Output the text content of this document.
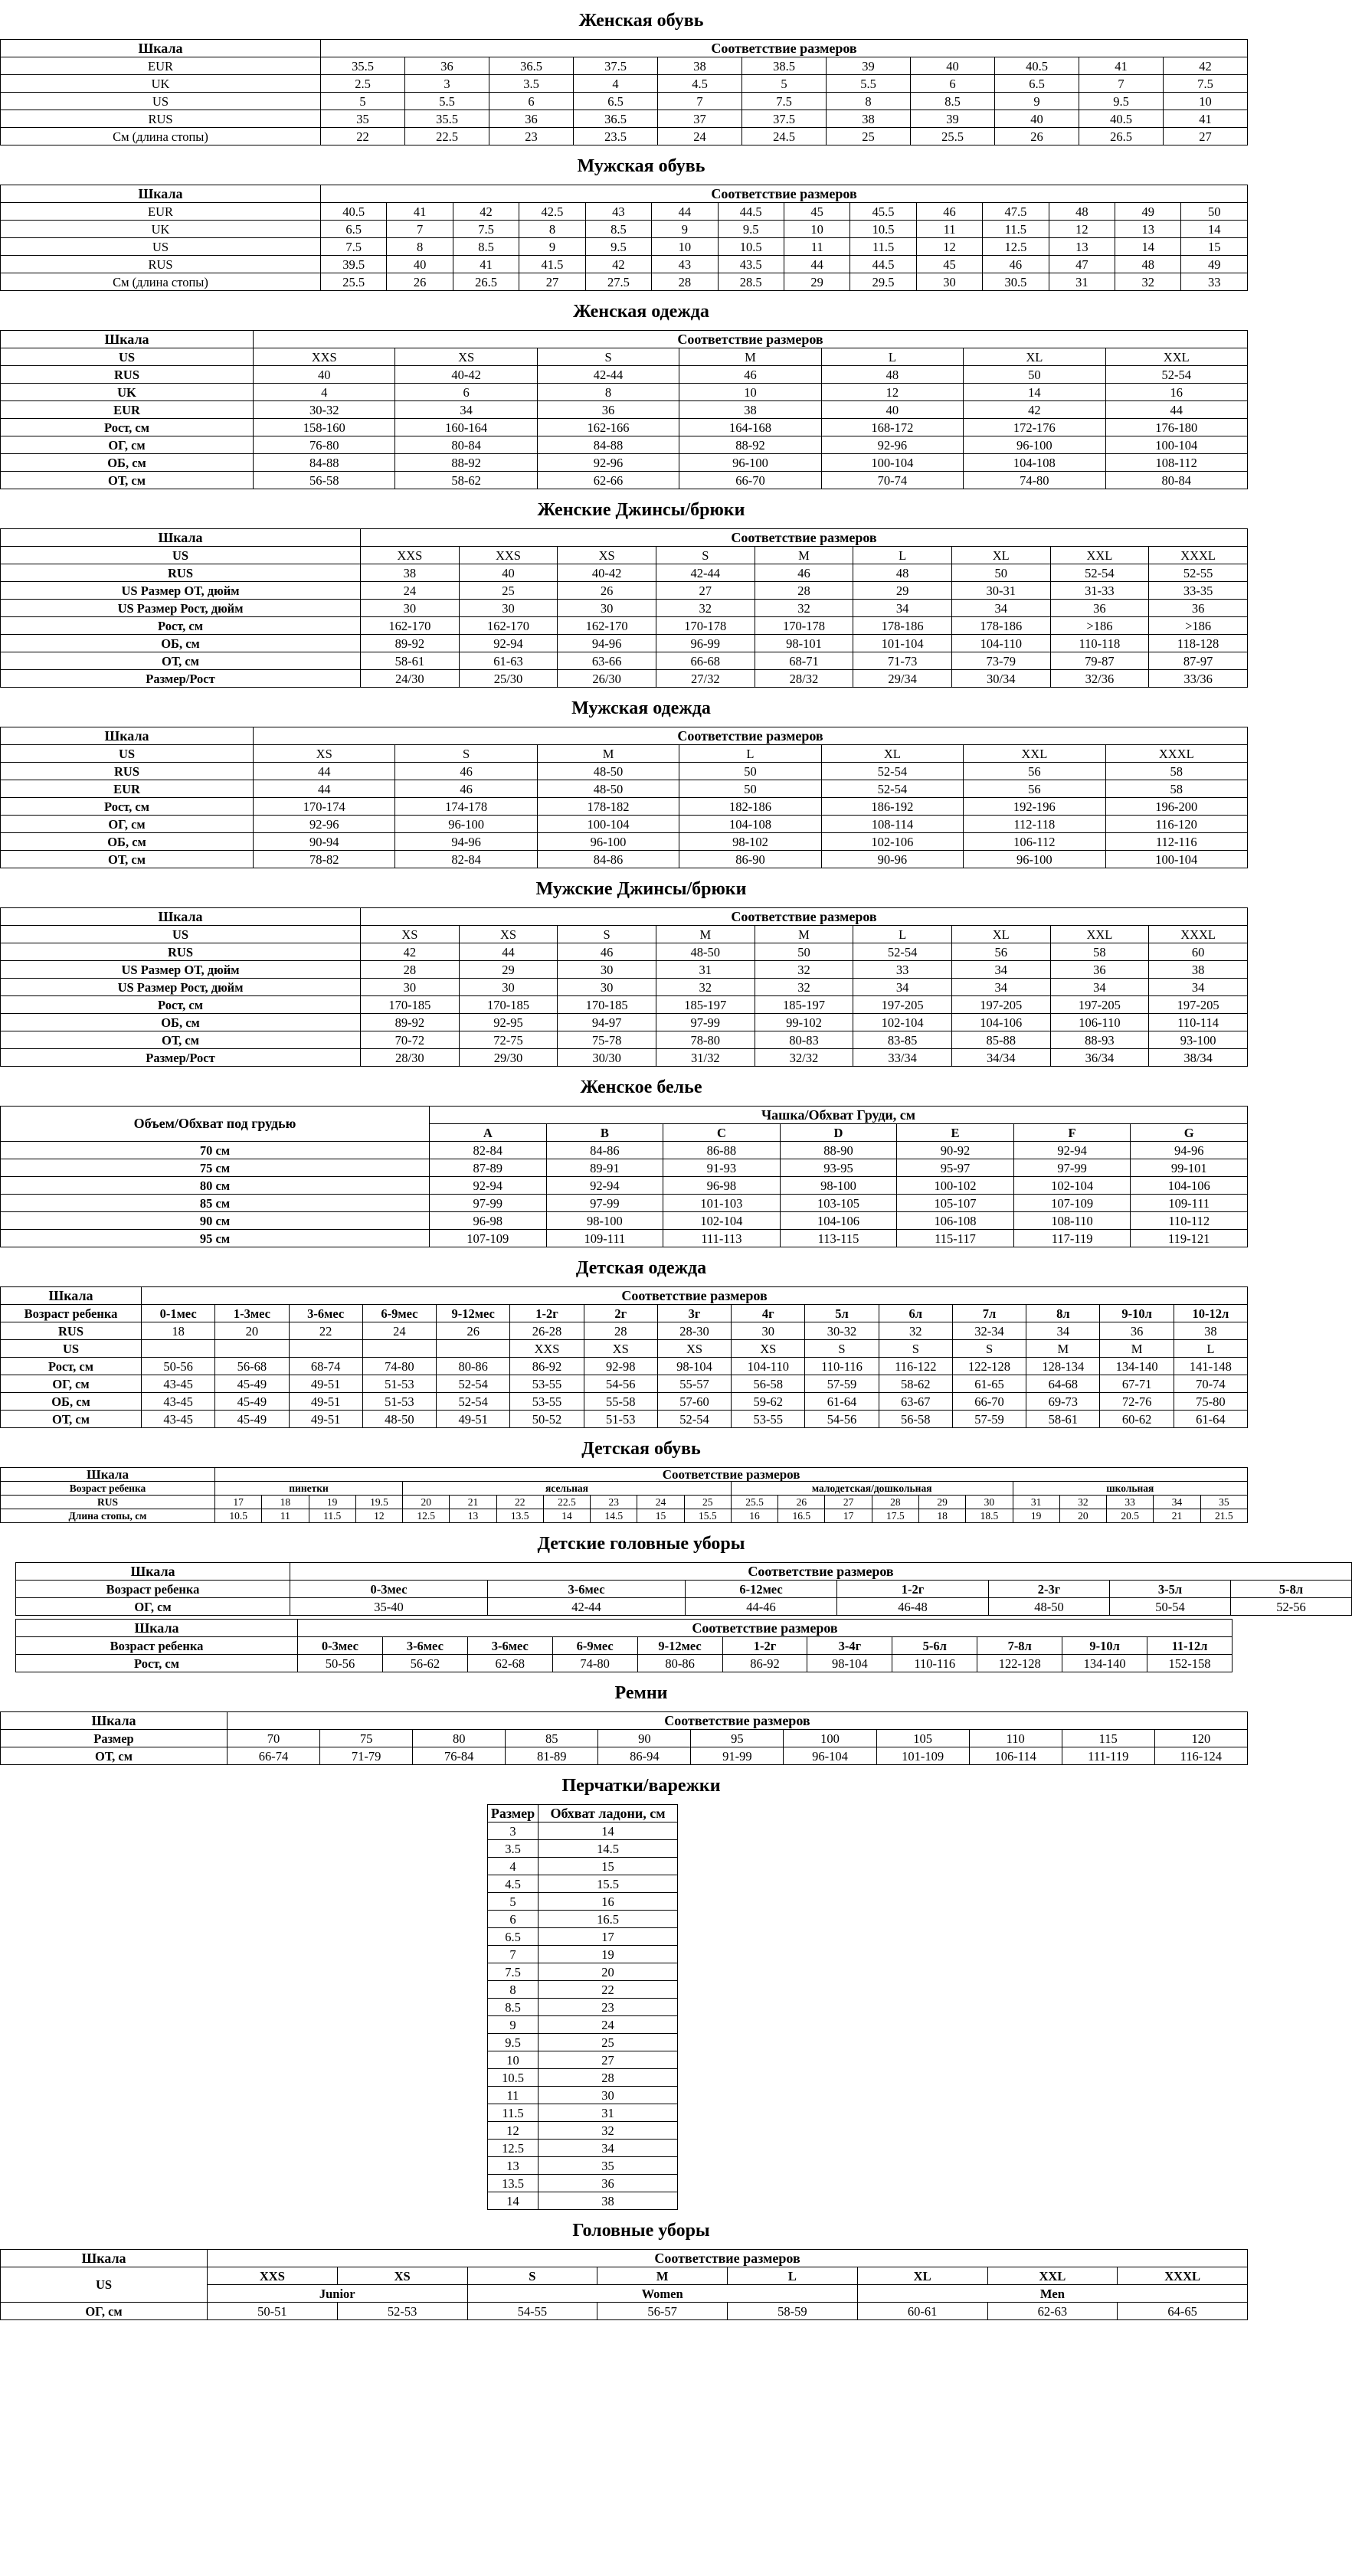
Женская обувь
Шкала	Соответствие размеров										
EUR	35.5	36	36.5	37.5	38	38.5	39	40	40.5	41	42
UK	2.5	3	3.5	4	4.5	5	5.5	6	6.5	7	7.5
US	5	5.5	6	6.5	7	7.5	8	8.5	9	9.5	10
RUS	35	35.5	36	36.5	37	37.5	38	39	40	40.5	41
См (длина стопы)	22	22.5	23	23.5	24	24.5	25	25.5	26	26.5	27
Мужская обувь
Шкала	Соответствие размеров													
EUR	40.5	41	42	42.5	43	44	44.5	45	45.5	46	47.5	48	49	50
UK	6.5	7	7.5	8	8.5	9	9.5	10	10.5	11	11.5	12	13	14
US	7.5	8	8.5	9	9.5	10	10.5	11	11.5	12	12.5	13	14	15
RUS	39.5	40	41	41.5	42	43	43.5	44	44.5	45	46	47	48	49
См (длина стопы)	25.5	26	26.5	27	27.5	28	28.5	29	29.5	30	30.5	31	32	33
Женская одежда
Шкала	Соответствие размеров						
US	XXS	XS	S	M	L	XL	XXL
RUS	40	40-42	42-44	46	48	50	52-54
UK	4	6	8	10	12	14	16
EUR	30-32	34	36	38	40	42	44
Рост, см	158-160	160-164	162-166	164-168	168-172	172-176	176-180
ОГ, см	76-80	80-84	84-88	88-92	92-96	96-100	100-104
ОБ, см	84-88	88-92	92-96	96-100	100-104	104-108	108-112
ОТ, см	56-58	58-62	62-66	66-70	70-74	74-80	80-84
Женские Джинсы/брюки
Шкала	Соответствие размеров								
US	XXS	XXS	XS	S	M	L	XL	XXL	XXXL
RUS	38	40	40-42	42-44	46	48	50	52-54	52-55
US Размер ОТ, дюйм	24	25	26	27	28	29	30-31	31-33	33-35
US Размер Рост, дюйм	30	30	30	32	32	34	34	36	36
Рост, см	162-170	162-170	162-170	170-178	170-178	178-186	178-186	>186	>186
ОБ, см	89-92	92-94	94-96	96-99	98-101	101-104	104-110	110-118	118-128
ОТ, см	58-61	61-63	63-66	66-68	68-71	71-73	73-79	79-87	87-97
Размер/Рост	24/30	25/30	26/30	27/32	28/32	29/34	30/34	32/36	33/36
Мужская одежда
Шкала	Соответствие размеров						
US	XS	S	M	L	XL	XXL	XXXL
RUS	44	46	48-50	50	52-54	56	58
EUR	44	46	48-50	50	52-54	56	58
Рост, см	170-174	174-178	178-182	182-186	186-192	192-196	196-200
ОГ, см	92-96	96-100	100-104	104-108	108-114	112-118	116-120
ОБ, см	90-94	94-96	96-100	98-102	102-106	106-112	112-116
ОТ, см	78-82	82-84	84-86	86-90	90-96	96-100	100-104
Мужские Джинсы/брюки
Шкала	Соответствие размеров								
US	XS	XS	S	M	M	L	XL	XXL	XXXL
RUS	42	44	46	48-50	50	52-54	56	58	60
US Размер ОТ, дюйм	28	29	30	31	32	33	34	36	38
US Размер Рост, дюйм	30	30	30	32	32	34	34	34	34
Рост, см	170-185	170-185	170-185	185-197	185-197	197-205	197-205	197-205	197-205
ОБ, см	89-92	92-95	94-97	97-99	99-102	102-104	104-106	106-110	110-114
ОТ, см	70-72	72-75	75-78	78-80	80-83	83-85	85-88	88-93	93-100
Размер/Рост	28/30	29/30	30/30	31/32	32/32	33/34	34/34	36/34	38/34
Женское белье
Объем/Обхват под грудью	Чашка/Обхват Груди, см						
	A	B	C	D	E	F	G
70 см	82-84	84-86	86-88	88-90	90-92	92-94	94-96
75 см	87-89	89-91	91-93	93-95	95-97	97-99	99-101
80 см	92-94	92-94	96-98	98-100	100-102	102-104	104-106
85 см	97-99	97-99	101-103	103-105	105-107	107-109	109-111
90 см	96-98	98-100	102-104	104-106	106-108	108-110	110-112
95 см	107-109	109-111	111-113	113-115	115-117	117-119	119-121
Детская одежда
Шкала	Соответствие размеров														
Возраст ребенка	0-1мес	1-3мес	3-6мес	6-9мес	9-12мес	1-2г	2г	3г	4г	5л	6л	7л	8л	9-10л	10-12л
RUS	18	20	22	24	26	26-28	28	28-30	30	30-32	32	32-34	34	36	38
US						XXS	XS	XS	XS	S	S	S	M	M	L
Рост, см	50-56	56-68	68-74	74-80	80-86	86-92	92-98	98-104	104-110	110-116	116-122	122-128	128-134	134-140	141-148
ОГ, см	43-45	45-49	49-51	51-53	52-54	53-55	54-56	55-57	56-58	57-59	58-62	61-65	64-68	67-71	70-74
ОБ, см	43-45	45-49	49-51	51-53	52-54	53-55	55-58	57-60	59-62	61-64	63-67	66-70	69-73	72-76	75-80
ОТ, см	43-45	45-49	49-51	48-50	49-51	50-52	51-53	52-54	53-55	54-56	56-58	57-59	58-61	60-62	61-64
Детская обувь
Шкала	Соответствие размеров																					
Возраст ребенка	пинетки				ясельная							малодетская/дошкольная						школьная				
RUS	17	18	19	19.5	20	21	22	22.5	23	24	25	25.5	26	27	28	29	30	31	32	33	34	35
Длина стопы, см	10.5	11	11.5	12	12.5	13	13.5	14	14.5	15	15.5	16	16.5	17	17.5	18	18.5	19	20	20.5	21	21.5
Детские головные уборы
Шкала	Соответствие размеров						
Возраст ребенка	0-3мес	3-6мес	6-12мес	1-2г	2-3г	3-5л	5-8л
ОГ, см	35-40	42-44	44-46	46-48	48-50	50-54	52-56
Шкала	Соответствие размеров										
Возраст ребенка	0-3мес	3-6мес	3-6мес	6-9мес	9-12мес	1-2г	3-4г	5-6л	7-8л	9-10л	11-12л
Рост, см	50-56	56-62	62-68	74-80	80-86	86-92	98-104	110-116	122-128	134-140	152-158
Ремни
Шкала	Соответствие размеров										
Размер	70	75	80	85	90	95	100	105	110	115	120
ОТ, см	66-74	71-79	76-84	81-89	86-94	91-99	96-104	101-109	106-114	111-119	116-124
Перчатки/варежки
Размер	Обхват ладони, см
3	14
3.5	14.5
4	15
4.5	15.5
5	16
6	16.5
6.5	17
7	19
7.5	20
8	22
8.5	23
9	24
9.5	25
10	27
10.5	28
11	30
11.5	31
12	32
12.5	34
13	35
13.5	36
14	38
Головные уборы
Шкала	Соответствие размеров							
US	XXS	XS	S	M	L	XL	XXL	XXXL
	Junior		Women			Men		
ОГ, см	50-51	52-53	54-55	56-57	58-59	60-61	62-63	64-65
